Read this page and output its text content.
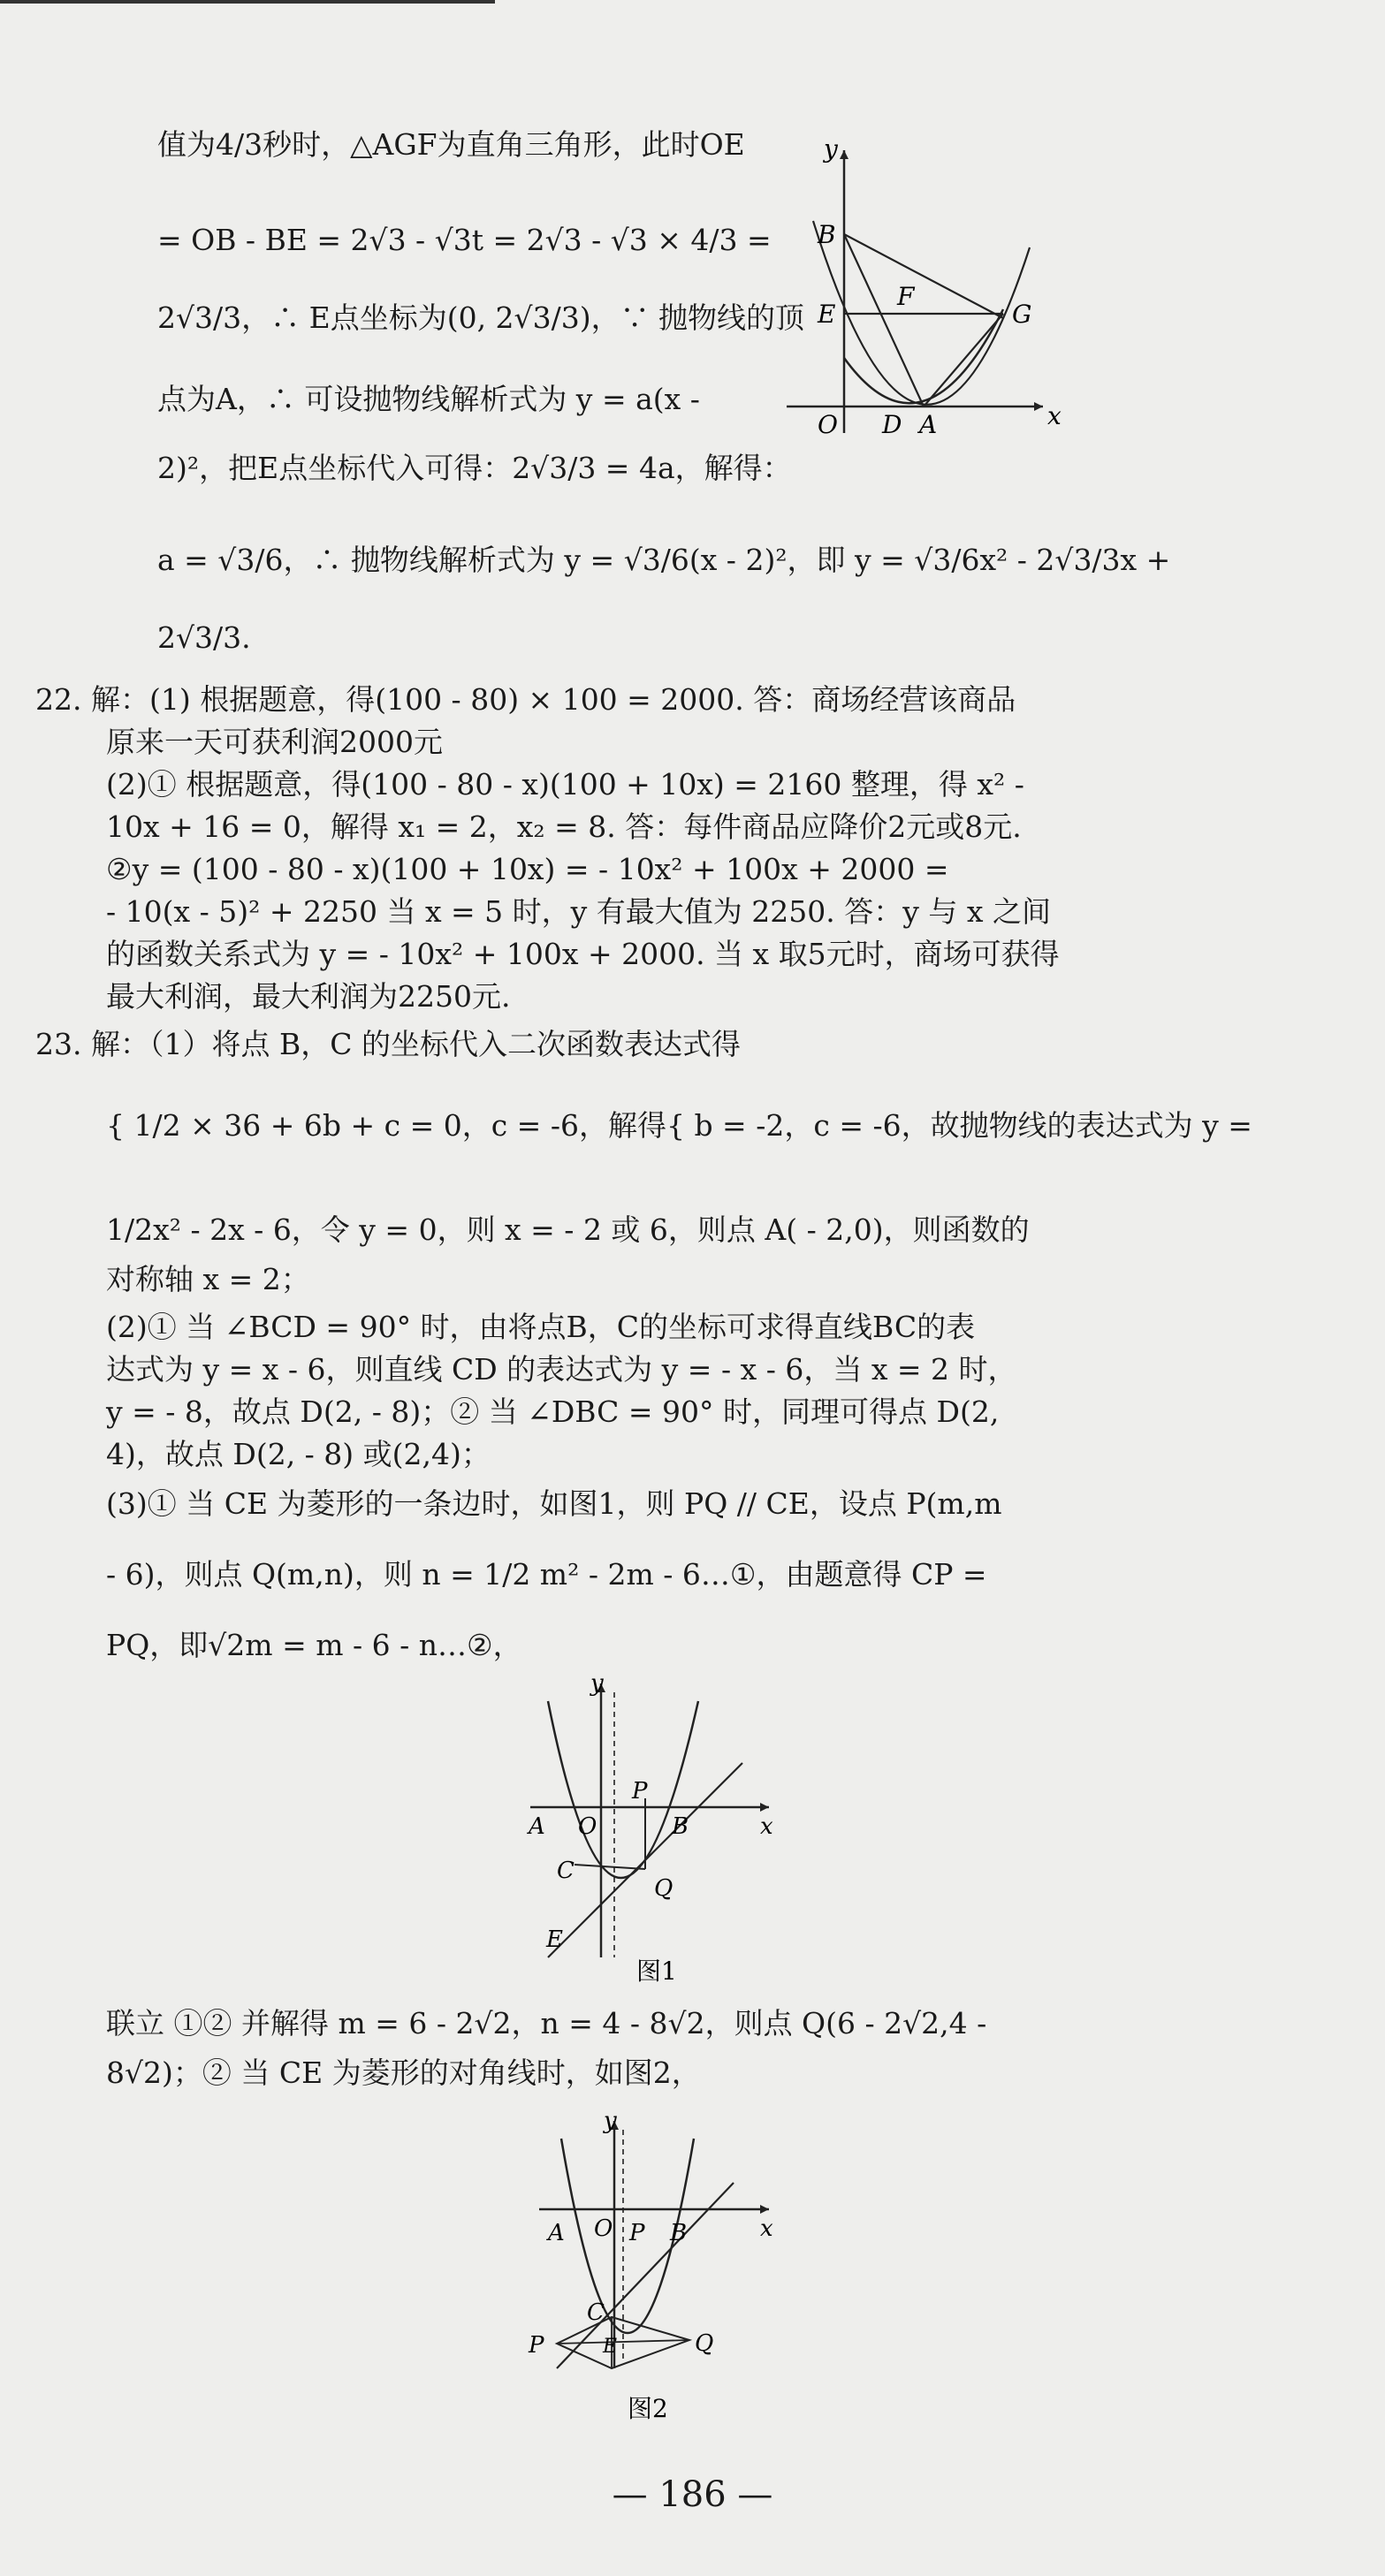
值为4/3秒时，△AGF为直角三角形，此时OE
= OB - BE = 2√3 - √3t = 2√3 - √3 × 4/3 =
2√3/3，∴ E点坐标为(0, 2√3/3)，∵ 抛物线的顶
点为A，∴ 可设抛物线解析式为 y = a(x -
2)²，把E点坐标代入可得：2√3/3 = 4a，解得：
a = √3/6，∴ 抛物线解析式为 y = √3/6(x - 2)²，即 y = √3/6x² - 2√3/3x +
2√3/3.
22. 解：(1) 根据题意，得(100 - 80) × 100 = 2000. 答：商场经营该商品
原来一天可获利润2000元
(2)① 根据题意，得(100 - 80 - x)(100 + 10x) = 2160 整理，得 x² -
10x + 16 = 0，解得 x₁ = 2，x₂ = 8. 答：每件商品应降价2元或8元.
②y = (100 - 80 - x)(100 + 10x) = - 10x² + 100x + 2000 =
- 10(x - 5)² + 2250 当 x = 5 时，y 有最大值为 2250. 答：y 与 x 之间
的函数关系式为 y = - 10x² + 100x + 2000. 当 x 取5元时，商场可获得
最大利润，最大利润为2250元.
23. 解：（1）将点 B，C 的坐标代入二次函数表达式得
{ 1/2 × 36 + 6b + c = 0，c = -6，解得{ b = -2，c = -6，故抛物线的表达式为 y =
1/2x² - 2x - 6，令 y = 0，则 x = - 2 或 6，则点 A( - 2,0)，则函数的
对称轴 x = 2；
(2)① 当 ∠BCD = 90° 时，由将点B，C的坐标可求得直线BC的表
达式为 y = x - 6，则直线 CD 的表达式为 y = - x - 6，当 x = 2 时，
y = - 8，故点 D(2, - 8)；② 当 ∠DBC = 90° 时，同理可得点 D(2,
4)，故点 D(2, - 8) 或(2,4)；
(3)① 当 CE 为菱形的一条边时，如图1，则 PQ // CE，设点 P(m,m
- 6)，则点 Q(m,n)，则 n = 1/2 m² - 2m - 6…①，由题意得 CP =
PQ，即√2m = m - 6 - n…②，
联立 ①② 并解得 m = 6 - 2√2，n = 4 - 8√2，则点 Q(6 - 2√2,4 -
8√2)；② 当 CE 为菱形的对角线时，如图2，
y
x
O
B
E
F
G
D A
y
x
A O
P
B
C
Q
E
图1
y
x
A O P B
C
Q
E
P
图2
— 186 —
